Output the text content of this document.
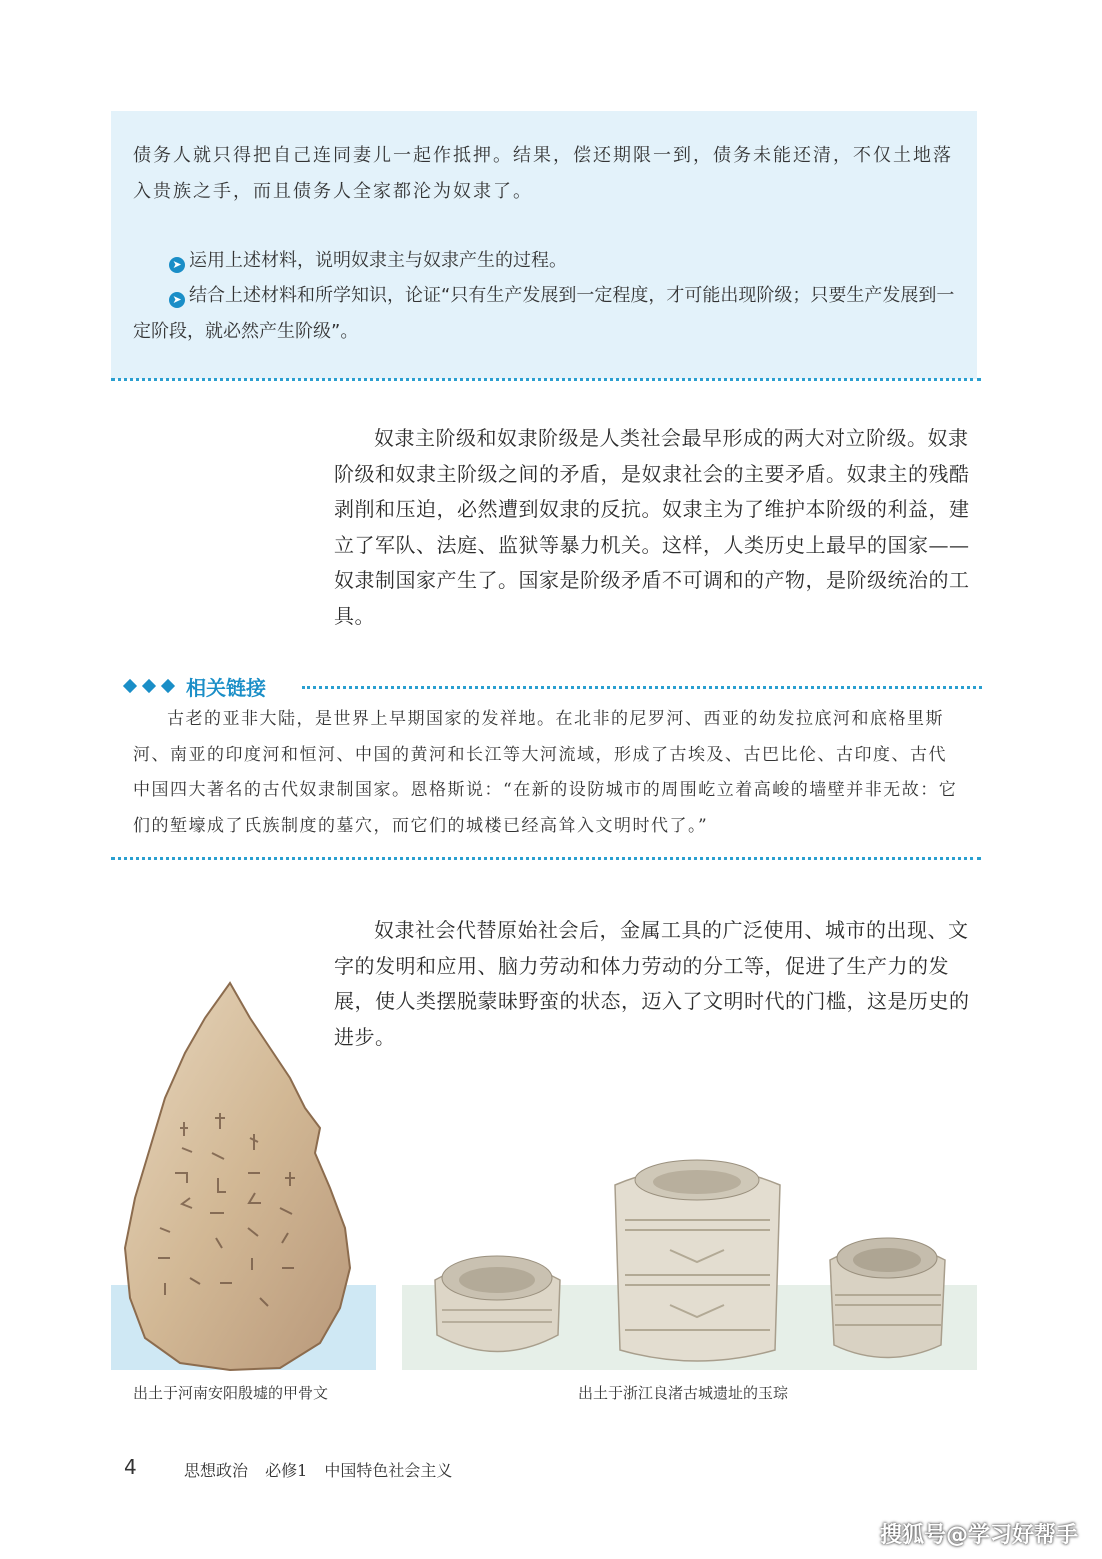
债务人就只得把自己连同妻儿一起作抵押。结果，偿还期限一到，债务未能还清，不仅土地落入贵族之手，而且债务人全家都沦为奴隶了。

➤ 运用上述材料，说明奴隶主与奴隶产生的过程。

➤ 结合上述材料和所学知识，论证“只有生产发展到一定程度，才可能出现阶级；只要生产发展到一定阶段，就必然产生阶级”。

奴隶主阶级和奴隶阶级是人类社会最早形成的两大对立阶级。奴隶阶级和奴隶主阶级之间的矛盾，是奴隶社会的主要矛盾。奴隶主的残酷剥削和压迫，必然遭到奴隶的反抗。奴隶主为了维护本阶级的利益，建立了军队、法庭、监狱等暴力机关。这样，人类历史上最早的国家——奴隶制国家产生了。国家是阶级矛盾不可调和的产物，是阶级统治的工具。

相关链接

古老的亚非大陆，是世界上早期国家的发祥地。在北非的尼罗河、西亚的幼发拉底河和底格里斯河、南亚的印度河和恒河、中国的黄河和长江等大河流域，形成了古埃及、古巴比伦、古印度、古代中国四大著名的古代奴隶制国家。恩格斯说：“在新的设防城市的周围屹立着高峻的墙壁并非无故：它们的堑壕成了氏族制度的墓穴，而它们的城楼已经高耸入文明时代了。”

奴隶社会代替原始社会后，金属工具的广泛使用、城市的出现、文字的发明和应用、脑力劳动和体力劳动的分工等，促进了生产力的发展，使人类摆脱蒙昧野蛮的状态，迈入了文明时代的门槛，这是历史的进步。

出土于河南安阳殷墟的甲骨文	出土于浙江良渚古城遗址的玉琮

4	思想政治 必修1 中国特色社会主义
搜狐号@学习好帮手
